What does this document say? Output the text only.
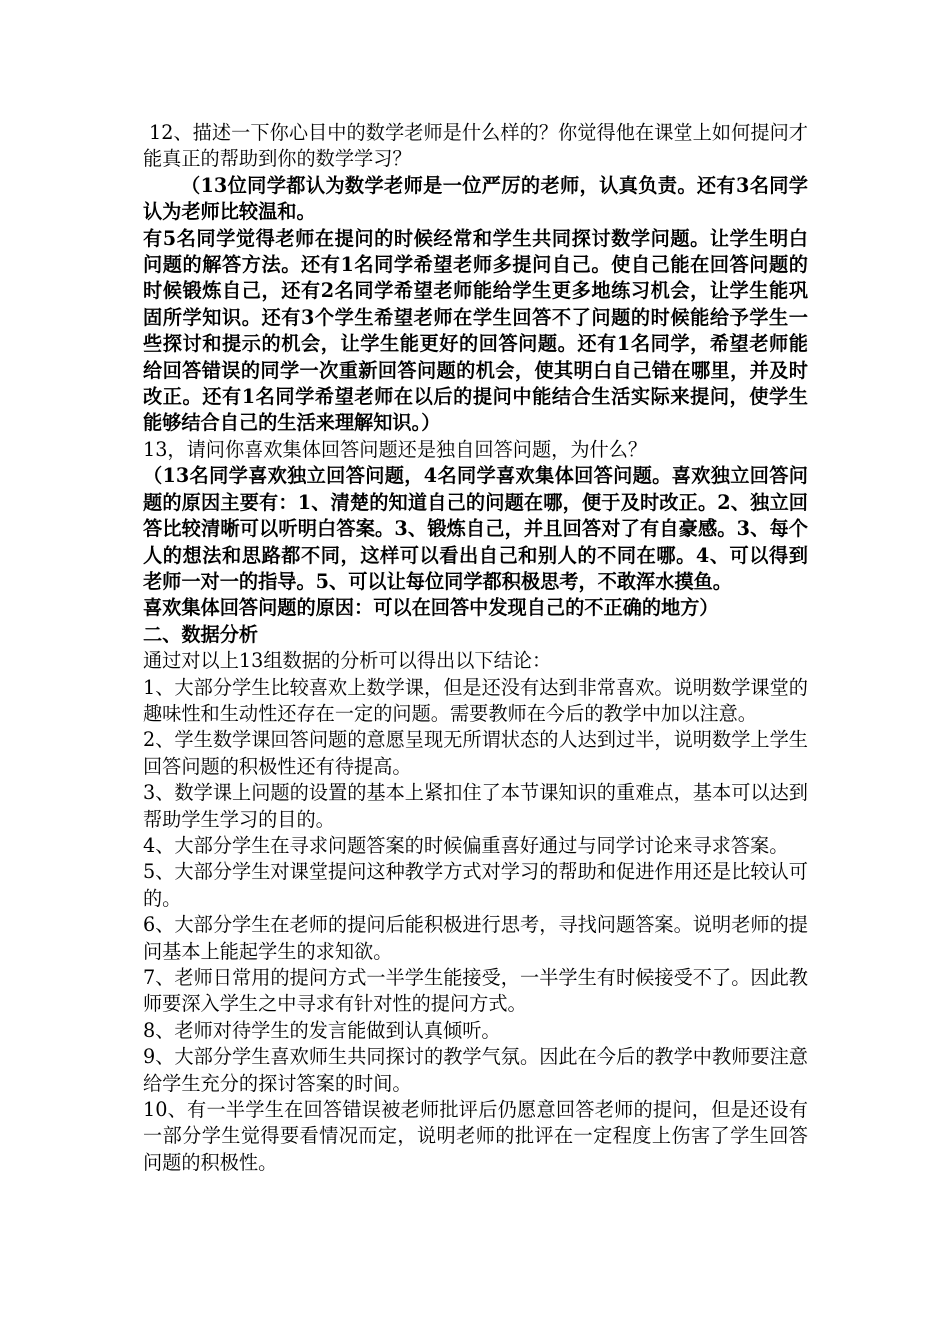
12、描述一下你心目中的数学老师是什么样的？你觉得他在课堂上如何提问才能真正的帮助到你的数学学习？

（13位同学都认为数学老师是一位严厉的老师，认真负责。还有3名同学认为老师比较温和。

有5名同学觉得老师在提问的时候经常和学生共同探讨数学问题。让学生明白问题的解答方法。还有1名同学希望老师多提问自己。使自己能在回答问题的时候锻炼自己，还有2名同学希望老师能给学生更多地练习机会，让学生能巩固所学知识。还有3个学生希望老师在学生回答不了问题的时候能给予学生一些探讨和提示的机会，让学生能更好的回答问题。还有1名同学，希望老师能给回答错误的同学一次重新回答问题的机会，使其明白自己错在哪里，并及时改正。还有1名同学希望老师在以后的提问中能结合生活实际来提问，使学生能够结合自己的生活来理解知识。）

13，请问你喜欢集体回答问题还是独自回答问题，为什么？

（13名同学喜欢独立回答问题，4名同学喜欢集体回答问题。喜欢独立回答问题的原因主要有：1、清楚的知道自己的问题在哪，便于及时改正。2、独立回答比较清晰可以听明白答案。3、锻炼自己，并且回答对了有自豪感。3、每个人的想法和思路都不同，这样可以看出自己和别人的不同在哪。4、可以得到老师一对一的指导。5、可以让每位同学都积极思考，不敢浑水摸鱼。

喜欢集体回答问题的原因：可以在回答中发现自己的不正确的地方）

二、数据分析

通过对以上13组数据的分析可以得出以下结论：

1、大部分学生比较喜欢上数学课，但是还没有达到非常喜欢。说明数学课堂的趣味性和生动性还存在一定的问题。需要教师在今后的教学中加以注意。

2、学生数学课回答问题的意愿呈现无所谓状态的人达到过半，说明数学上学生回答问题的积极性还有待提高。

3、数学课上问题的设置的基本上紧扣住了本节课知识的重难点，基本可以达到帮助学生学习的目的。

4、大部分学生在寻求问题答案的时候偏重喜好通过与同学讨论来寻求答案。

5、大部分学生对课堂提问这种教学方式对学习的帮助和促进作用还是比较认可的。

6、大部分学生在老师的提问后能积极进行思考，寻找问题答案。说明老师的提问基本上能起学生的求知欲。

7、老师日常用的提问方式一半学生能接受，一半学生有时候接受不了。因此教师要深入学生之中寻求有针对性的提问方式。

8、老师对待学生的发言能做到认真倾听。

9、大部分学生喜欢师生共同探讨的教学气氛。因此在今后的教学中教师要注意给学生充分的探讨答案的时间。

10、有一半学生在回答错误被老师批评后仍愿意回答老师的提问，但是还设有一部分学生觉得要看情况而定，说明老师的批评在一定程度上伤害了学生回答问题的积极性。
